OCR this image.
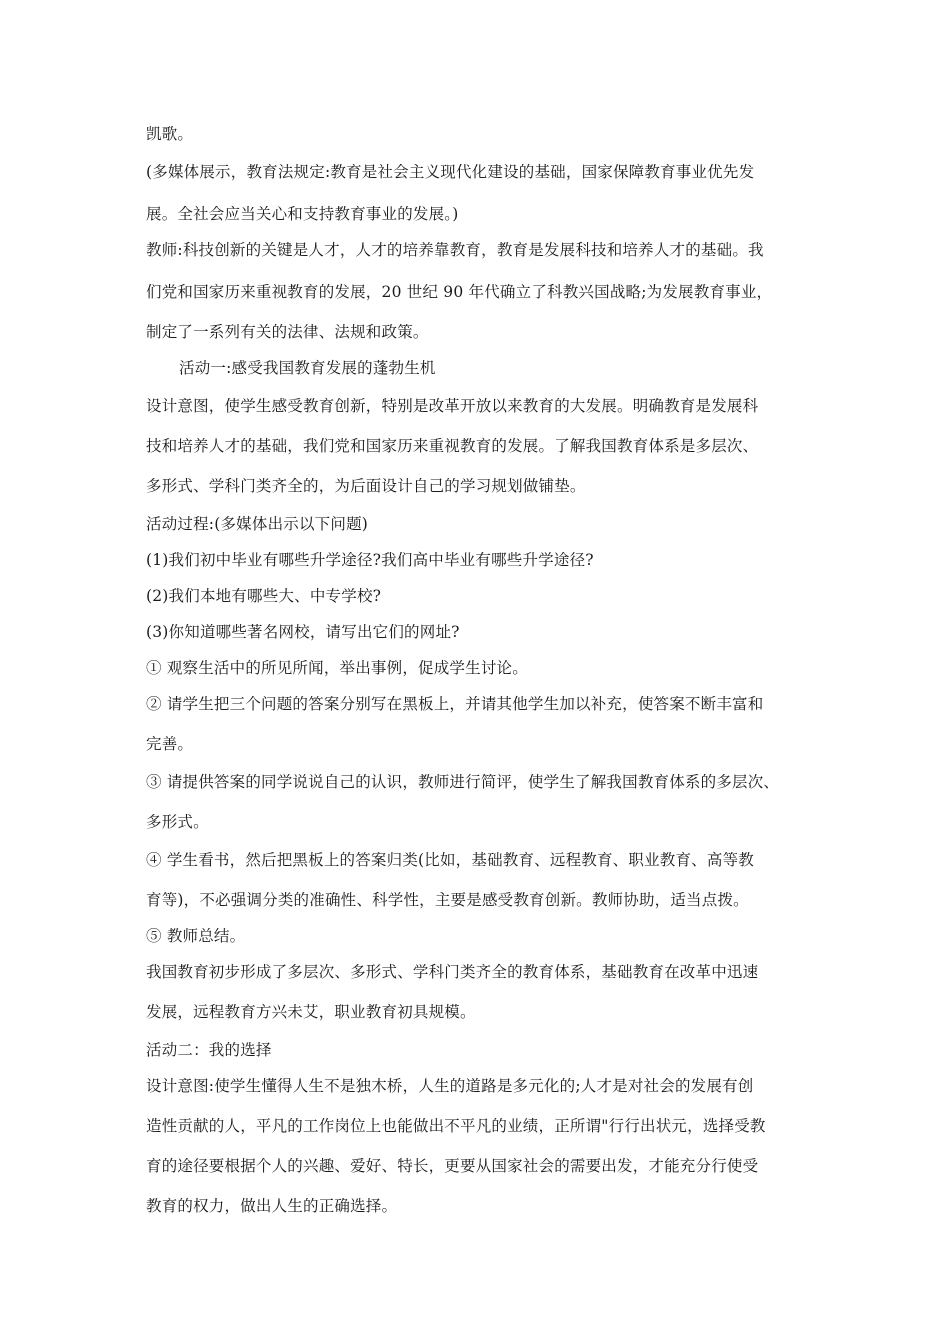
凯歌。
(多媒体展示，教育法规定:教育是社会主义现代化建设的基础，国家保障教育事业优先发
展。全社会应当关心和支持教育事业的发展。)
教师:科技创新的关键是人才，人才的培养靠教育，教育是发展科技和培养人才的基础。我
们党和国家历来重视教育的发展，20 世纪 90 年代确立了科教兴国战略;为发展教育事业，
制定了一系列有关的法律、法规和政策。
活动一:感受我国教育发展的蓬勃生机
设计意图，使学生感受教育创新，特别是改革开放以来教育的大发展。明确教育是发展科
技和培养人才的基础，我们党和国家历来重视教育的发展。了解我国教育体系是多层次、
多形式、学科门类齐全的，为后面设计自己的学习规划做铺垫。
活动过程:(多媒体出示以下问题)
(1)我们初中毕业有哪些升学途径?我们高中毕业有哪些升学途径?
(2)我们本地有哪些大、中专学校?
(3)你知道哪些著名网校，请写出它们的网址?
① 观察生活中的所见所闻，举出事例，促成学生讨论。
② 请学生把三个问题的答案分别写在黑板上，并请其他学生加以补充，使答案不断丰富和
完善。
③ 请提供答案的同学说说自己的认识，教师进行简评，使学生了解我国教育体系的多层次、
多形式。
④ 学生看书，然后把黑板上的答案归类(比如，基础教育、远程教育、职业教育、高等教
育等)，不必强调分类的准确性、科学性，主要是感受教育创新。教师协助，适当点拨。
⑤ 教师总结。
我国教育初步形成了多层次、多形式、学科门类齐全的教育体系，基础教育在改革中迅速
发展，远程教育方兴未艾，职业教育初具规模。
活动二：我的选择
设计意图:使学生懂得人生不是独木桥，人生的道路是多元化的;人才是对社会的发展有创
造性贡献的人，平凡的工作岗位上也能做出不平凡的业绩，正所谓"行行出状元，选择受教
育的途径要根据个人的兴趣、爱好、特长，更要从国家社会的需要出发，才能充分行使受
教育的权力，做出人生的正确选择。
